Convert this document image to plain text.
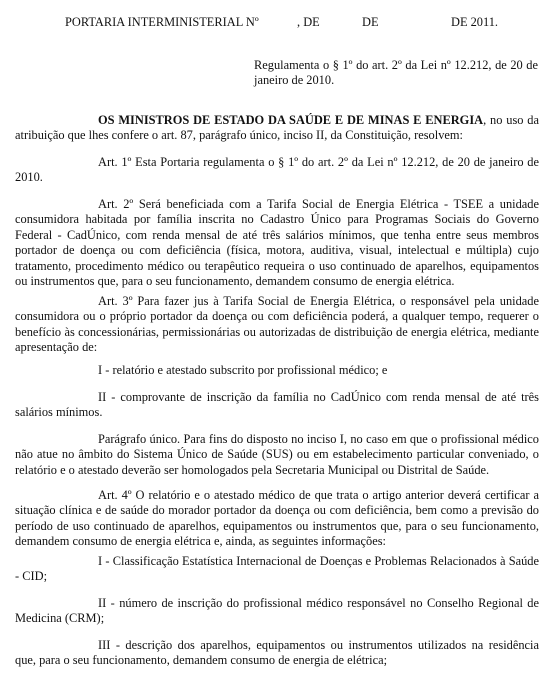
PORTARIA INTERMINISTERIAL Nº	, DE	DE	DE 2011.
Regulamenta o § 1º do art. 2º da Lei nº 12.212, de 20 de janeiro de 2010.
OS MINISTROS DE ESTADO DA SAÚDE E DE MINAS E ENERGIA, no uso da atribuição que lhes confere o art. 87, parágrafo único, inciso II, da Constituição, resolvem:
Art. 1º Esta Portaria regulamenta o § 1º do art. 2º da Lei nº 12.212, de 20 de janeiro de 2010.
Art. 2º Será beneficiada com a Tarifa Social de Energia Elétrica - TSEE a unidade consumidora habitada por família inscrita no Cadastro Único para Programas Sociais do Governo Federal - CadÚnico, com renda mensal de até três salários mínimos, que tenha entre seus membros portador de doença ou com deficiência (física, motora, auditiva, visual, intelectual e múltipla) cujo tratamento, procedimento médico ou terapêutico requeira o uso continuado de aparelhos, equipamentos ou instrumentos que, para o seu funcionamento, demandem consumo de energia elétrica.
Art. 3º Para fazer jus à Tarifa Social de Energia Elétrica, o responsável pela unidade consumidora ou o próprio portador da doença ou com deficiência poderá, a qualquer tempo, requerer o benefício às concessionárias, permissionárias ou autorizadas de distribuição de energia elétrica, mediante apresentação de:
I - relatório e atestado subscrito por profissional médico; e
II - comprovante de inscrição da família no CadÚnico com renda mensal de até três salários mínimos.
Parágrafo único. Para fins do disposto no inciso I, no caso em que o profissional médico não atue no âmbito do Sistema Único de Saúde (SUS) ou em estabelecimento particular conveniado, o relatório e o atestado deverão ser homologados pela Secretaria Municipal ou Distrital de Saúde.
Art. 4º O relatório e o atestado médico de que trata o artigo anterior deverá certificar a situação clínica e de saúde do morador portador da doença ou com deficiência, bem como a previsão do período de uso continuado de aparelhos, equipamentos ou instrumentos que, para o seu funcionamento, demandem consumo de energia elétrica e, ainda, as seguintes informações:
I - Classificação Estatística Internacional de Doenças e Problemas Relacionados à Saúde - CID;
II - número de inscrição do profissional médico responsável no Conselho Regional de Medicina (CRM);
III - descrição dos aparelhos, equipamentos ou instrumentos utilizados na residência que, para o seu funcionamento, demandem consumo de energia de elétrica;
